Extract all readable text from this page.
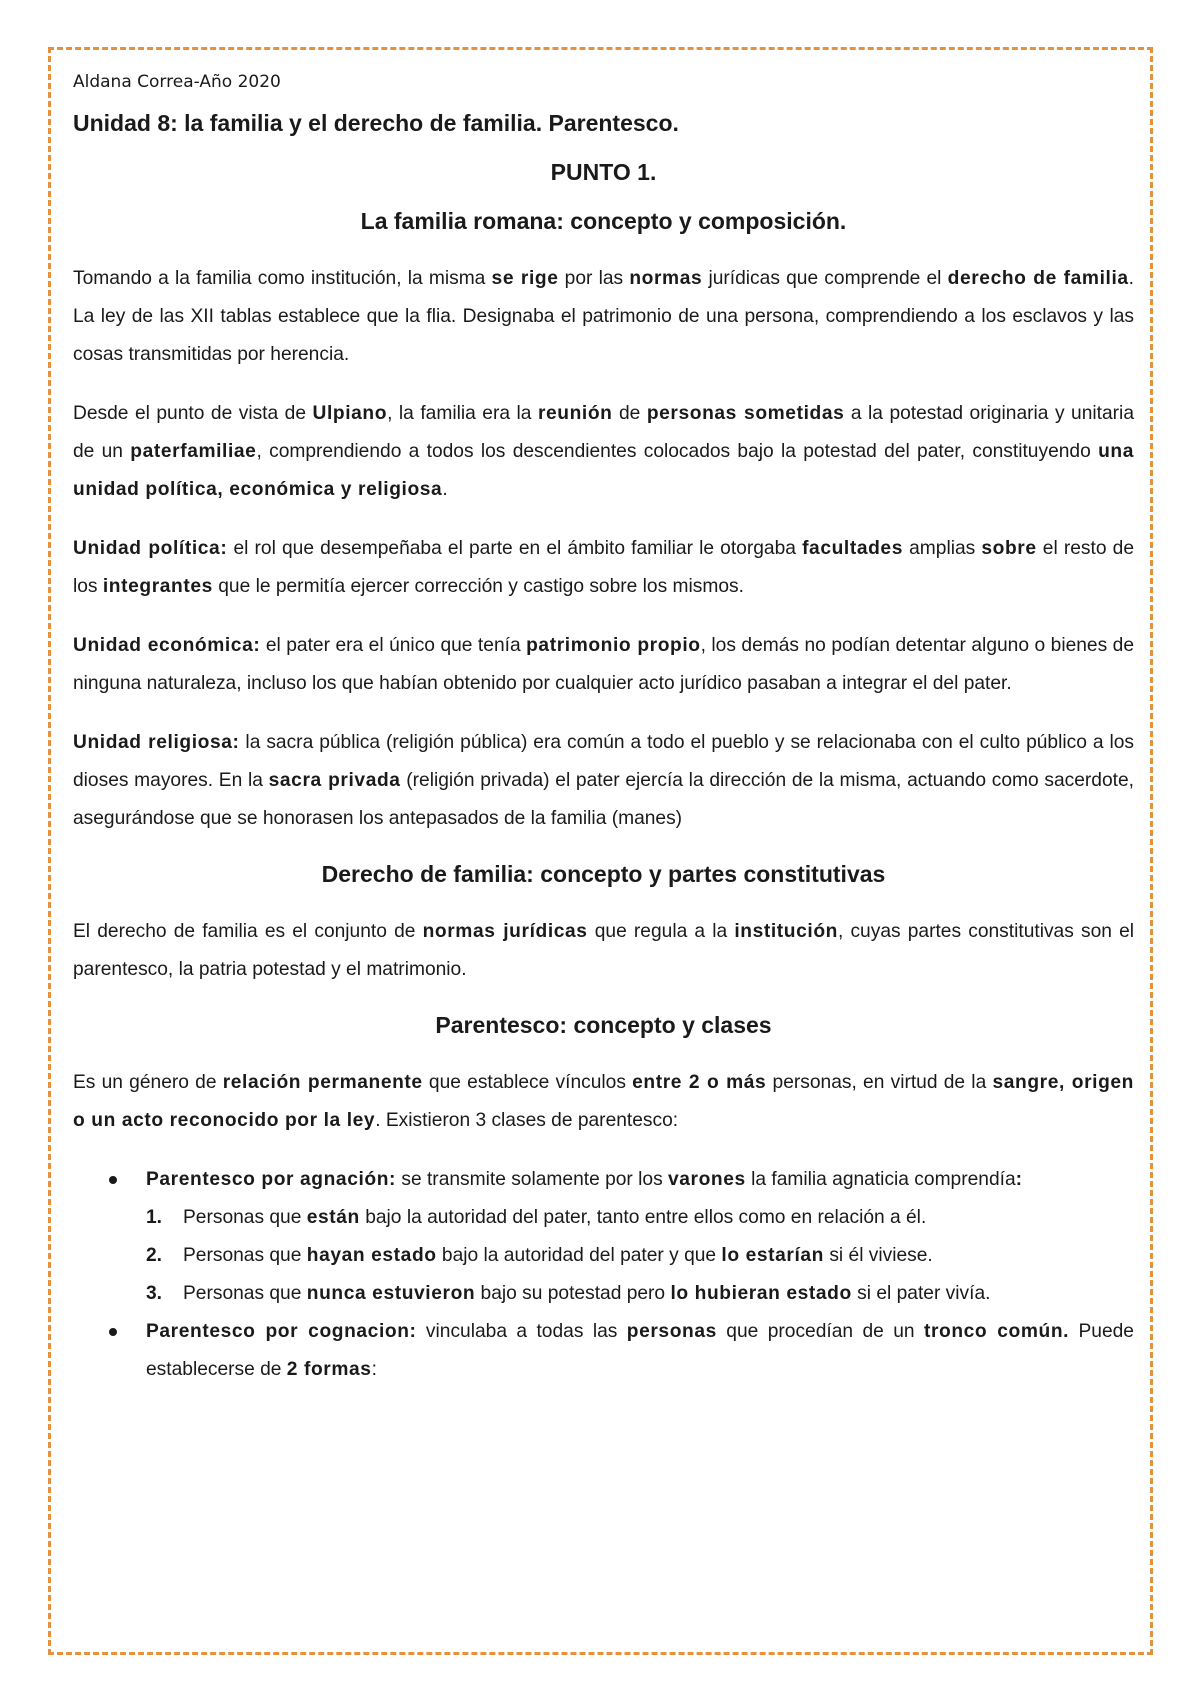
Aldana Correa-Año 2020
Unidad 8: la familia y el derecho de familia. Parentesco.
PUNTO 1.
La familia romana: concepto y composición.

Tomando a la familia como institución, la misma se rige por las normas jurídicas que comprende el derecho de familia. La ley de las XII tablas establece que la flia. Designaba el patrimonio de una persona, comprendiendo a los esclavos y las cosas transmitidas por herencia.

Desde el punto de vista de Ulpiano, la familia era la reunión de personas sometidas a la potestad originaria y unitaria de un paterfamiliae, comprendiendo a todos los descendientes colocados bajo la potestad del pater, constituyendo una unidad política, económica y religiosa.

Unidad política: el rol que desempeñaba el parte en el ámbito familiar le otorgaba facultades amplias sobre el resto de los integrantes que le permitía ejercer corrección y castigo sobre los mismos.

Unidad económica: el pater era el único que tenía patrimonio propio, los demás no podían detentar alguno o bienes de ninguna naturaleza, incluso los que habían obtenido por cualquier acto jurídico pasaban a integrar el del pater.

Unidad religiosa: la sacra pública (religión pública) era común a todo el pueblo y se relacionaba con el culto público a los dioses mayores. En la sacra privada (religión privada) el pater ejercía la dirección de la misma, actuando como sacerdote, asegurándose que se honorasen los antepasados de la familia (manes)

Derecho de familia: concepto y partes constitutivas

El derecho de familia es el conjunto de normas jurídicas que regula a la institución, cuyas partes constitutivas son el parentesco, la patria potestad y el matrimonio.

Parentesco: concepto y clases

Es un género de relación permanente que establece vínculos entre 2 o más personas, en virtud de la sangre, origen o un acto reconocido por la ley. Existieron 3 clases de parentesco:

Parentesco por agnación: se transmite solamente por los varones la familia agnaticia comprendía:
1. Personas que están bajo la autoridad del pater, tanto entre ellos como en relación a él.
2. Personas que hayan estado bajo la autoridad del pater y que lo estarían si él viviese.
3. Personas que nunca estuvieron bajo su potestad pero lo hubieran estado si el pater vivía.
Parentesco por cognacion: vinculaba a todas las personas que procedían de un tronco común. Puede establecerse de 2 formas:
